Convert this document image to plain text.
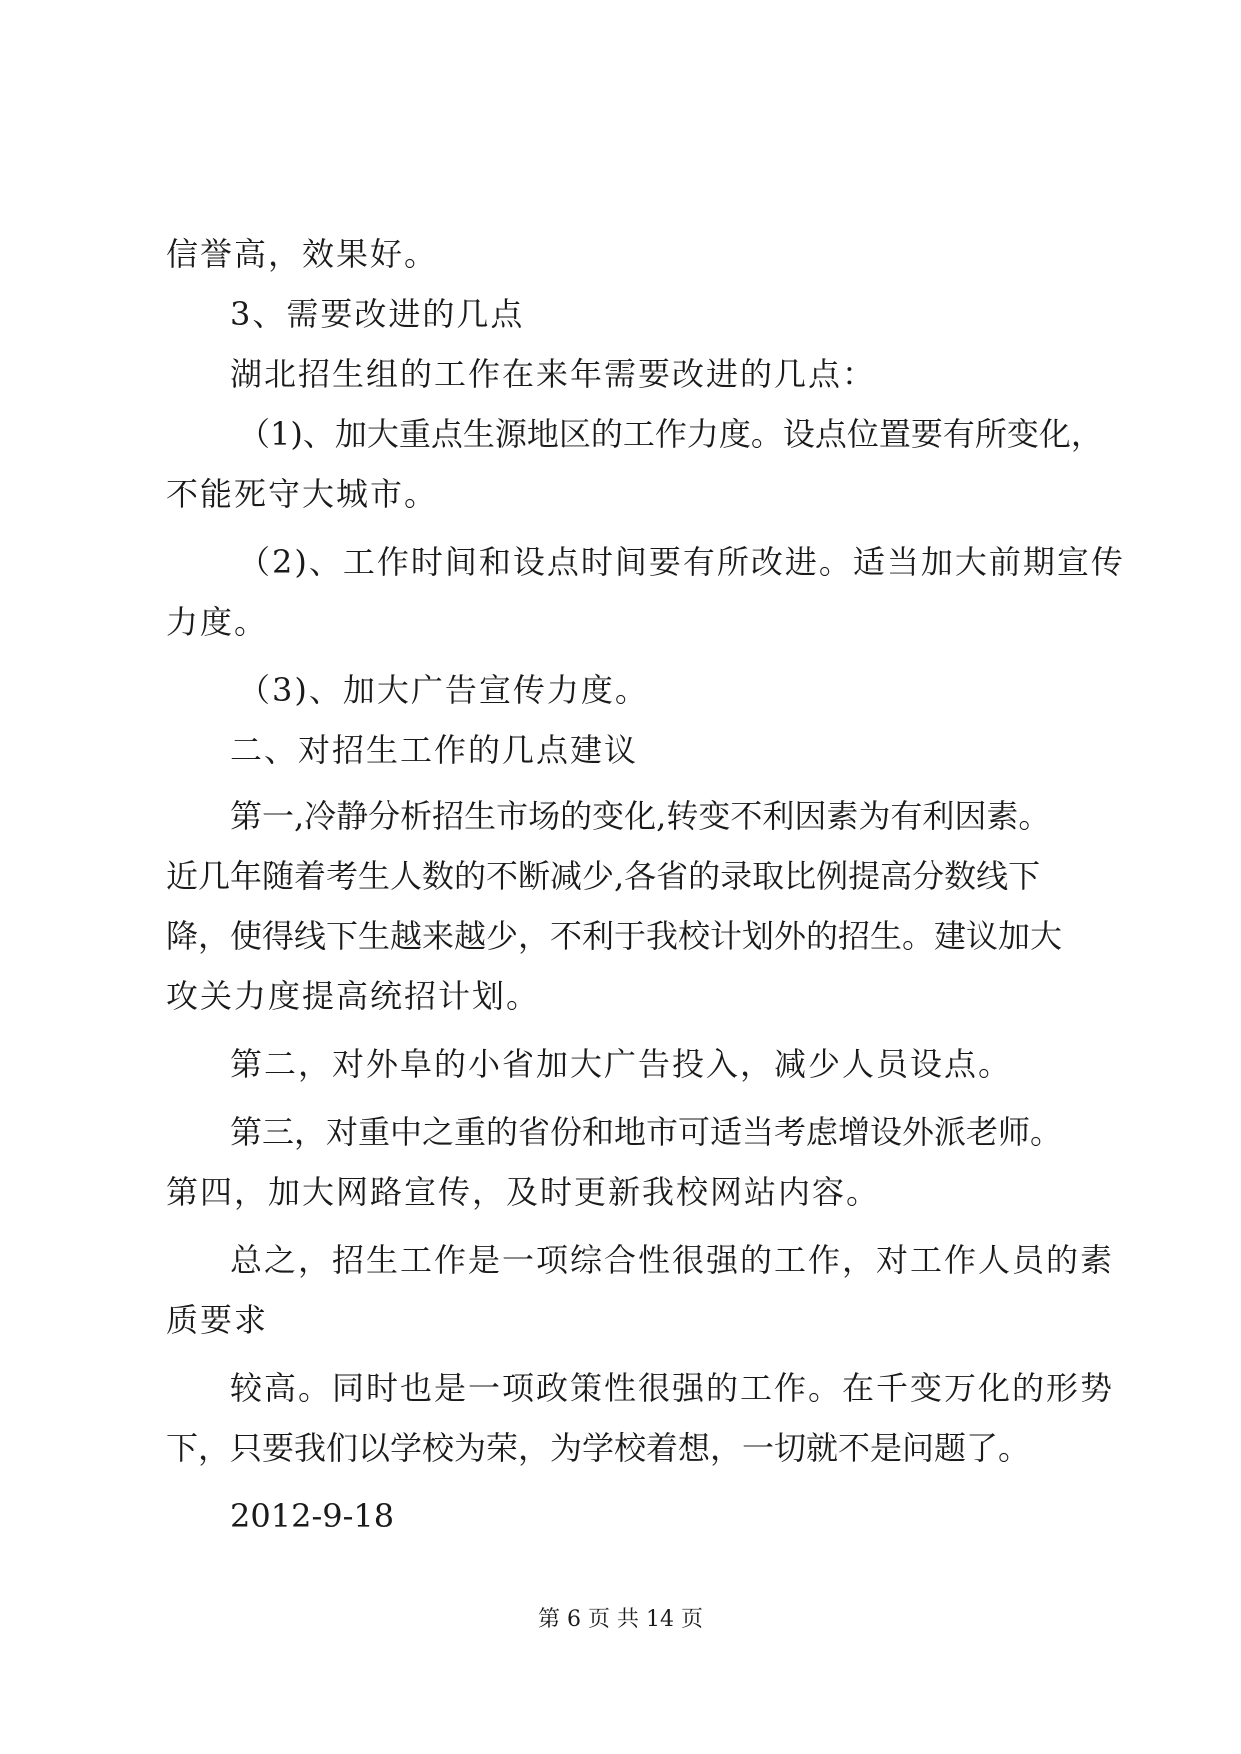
信誉高，效果好。
3、需要改进的几点
湖北招生组的工作在来年需要改进的几点：
（1)、加大重点生源地区的工作力度。设点位置要有所变化，
不能死守大城市。
（2)、工作时间和设点时间要有所改进。适当加大前期宣传
力度。
（3)、加大广告宣传力度。
二、对招生工作的几点建议
第一,冷静分析招生市场的变化,转变不利因素为有利因素。
近几年随着考生人数的不断减少,各省的录取比例提高分数线下
降，使得线下生越来越少，不利于我校计划外的招生。建议加大
攻关力度提高统招计划。
第二，对外阜的小省加大广告投入，减少人员设点。
第三，对重中之重的省份和地市可适当考虑增设外派老师。
第四，加大网路宣传，及时更新我校网站内容。
总之，招生工作是一项综合性很强的工作，对工作人员的素
质要求
较高。同时也是一项政策性很强的工作。在千变万化的形势
下，只要我们以学校为荣，为学校着想，一切就不是问题了。
2012-9-18
第 6 页 共 14 页
